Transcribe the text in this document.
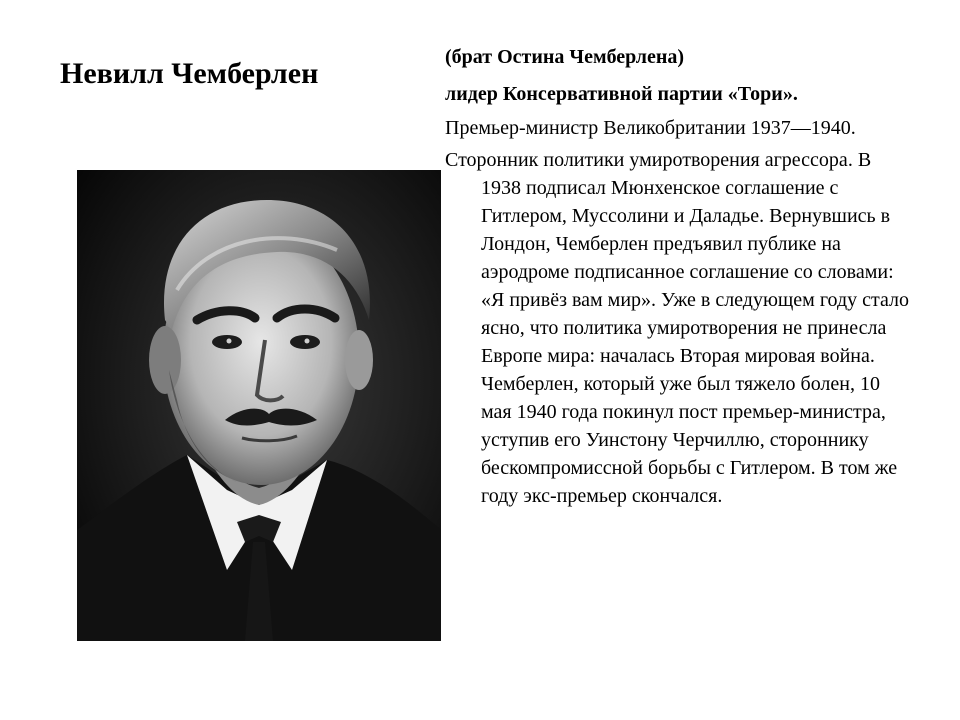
Невилл Чемберлен	(брат Остина Чемберлена)

лидер Консервативной партии «Тори».

Премьер-министр Великобритании 1937—1940.

Сторонник политики умиротворения агрессора. В 1938 подписал Мюнхенское соглашение с Гитлером, Муссолини и Даладье. Вернувшись в Лондон, Чемберлен предъявил публике на аэродроме подписанное соглашение со словами: «Я привёз вам мир». Уже в следующем году стало ясно, что политика умиротворения не принесла Европе мира: началась Вторая мировая война. Чемберлен, который уже был тяжело болен, 10 мая 1940 года покинул пост премьер-министра, уступив его Уинстону Черчиллю, стороннику бескомпромиссной борьбы с Гитлером. В том же году экс-премьер скончался.
